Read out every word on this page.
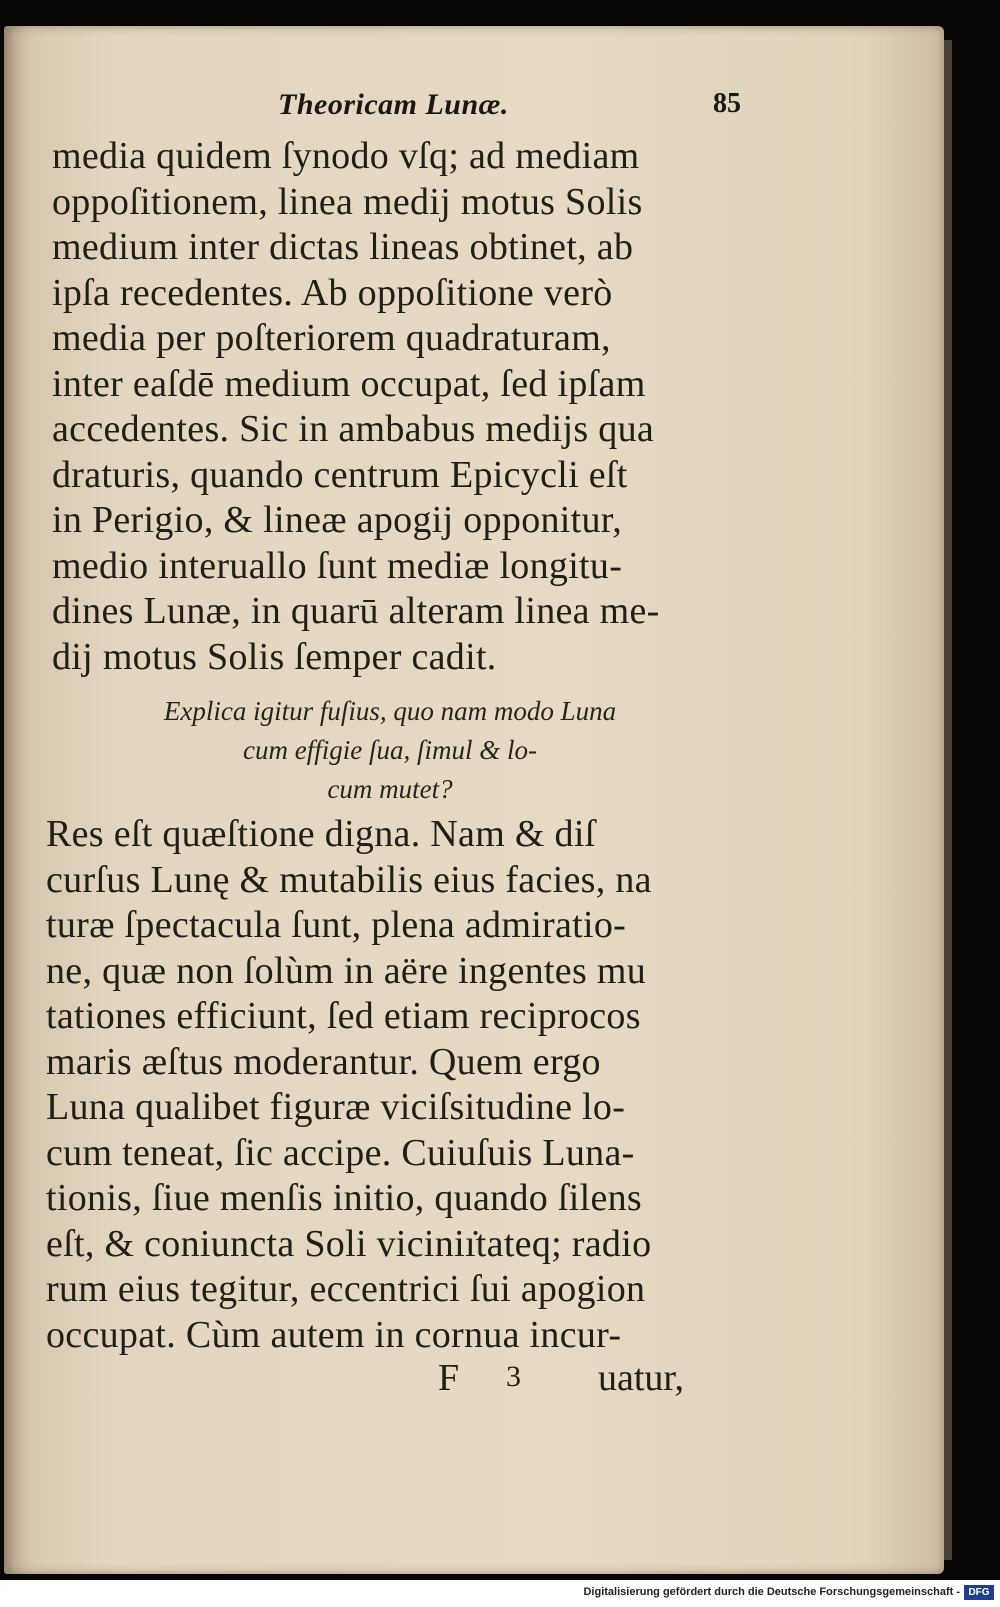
Theoricam Lunæ.	85
media quidem ſynodo vſq; ad mediam
oppoſitionem, linea medij motus Solis
medium inter dictas lineas obtinet, ab
ipſa recedentes. Ab oppoſitione verò
media per poſteriorem quadraturam,
inter eaſdē medium occupat, ſed ipſam
accedentes. Sic in ambabus medijs qua
draturis, quando centrum Epicycli eſt
in Perigio, & lineæ apogij opponitur,
medio interuallo ſunt mediæ longitu-
dines Lunæ, in quarū alteram linea me-
dij motus Solis ſemper cadit.
Explica igitur fuſius, quo nam modo Luna
cum effigie ſua, ſimul & lo-
cum mutet?
Res eſt quæſtione digna. Nam & diſ
curſus Lunę & mutabilis eius facies, na
turæ ſpectacula ſunt, plena admiratio-
ne, quæ non ſolùm in aëre ingentes mu
tationes efficiunt, ſed etiam reciprocos
maris æſtus moderantur. Quem ergo
Luna qualibet figuræ viciſsitudine lo-
cum teneat, ſic accipe. Cuiuſuis Luna-
tionis, ſiue menſis initio, quando ſilens
eſt, & coniuncta Soli viciniı̇tateq; radio
rum eius tegitur, eccentrici ſui apogion
occupat. Cùm autem in cornua incur-
F 3 uatur,
Digitalisierung gefördert durch die Deutsche Forschungsgemeinschaft - DFG
